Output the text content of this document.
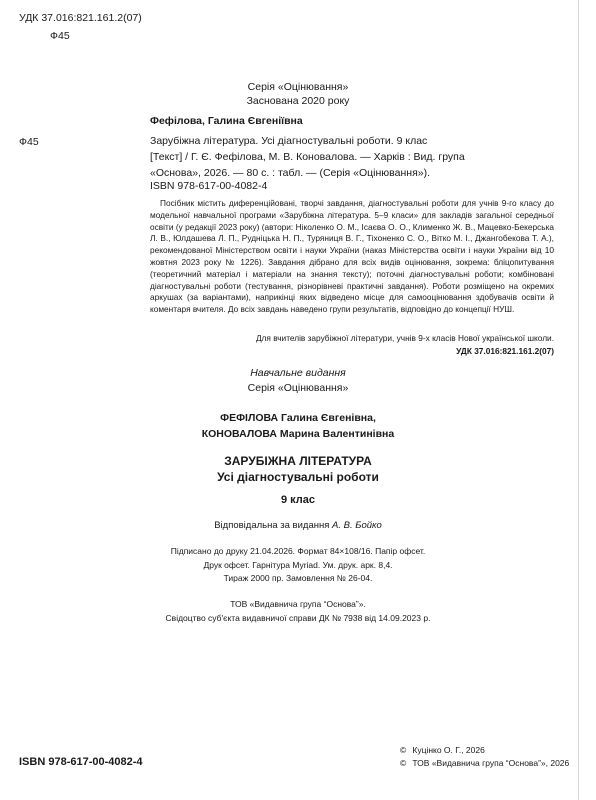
УДК 37.016:821.161.2(07)
Ф45
Серія «Оцінювання»
Заснована 2020 року
Фефілова, Галина Євгеніївна
Ф45	Зарубіжна література. Усі діагностувальні роботи. 9 клас
[Текст] / Г. Є. Фефілова, М. В. Коновалова. — Харків : Вид. група
«Основа», 2026. — 80 с. : табл. — (Серія «Оцінювання»).
ISBN 978-617-00-4082-4

Посібник містить диференційовані, творчі завдання, діагностувальні роботи для учнів 9-го класу до модельної навчальної програми «Зарубіжна література. 5–9 класи» для закладів загальної середньої освіти (у редакції 2023 року) (автори: Ніколенко О. М., Ісаєва О. О., Клименко Ж. В., Мацевко-Бекерська Л. В., Юлдашева Л. П., Рудніцька Н. П., Туряниця В. Г., Тіхоненко С. О., Вітко М. І., Джангобекова Т. А.), рекомендованої Міністерством освіти і науки України (наказ Міністерства освіти і науки України від 10 жовтня 2023 року № 1226). Завдання дібрано для всіх видів оцінювання, зокрема: бліцопитування (теоретичний матеріал і матеріали на знання тексту); поточні діагностувальні роботи; комбіновані діагностувальні роботи (тестування, різнорівневі практичні завдання). Роботи розміщено на окремих аркушах (за варіантами), наприкінці яких відведено місце для самооцінювання здобувачів освіти й коментаря вчителя. До всіх завдань наведено групи результатів, відповідно до концепції НУШ.

Для вчителів зарубіжної літератури, учнів 9-х класів Нової української школи.
УДК 37.016:821.161.2(07)
Навчальне видання
Серія «Оцінювання»
ФЕФІЛОВА Галина Євгенівна,
КОНОВАЛОВА Марина Валентинівна
ЗАРУБІЖНА ЛІТЕРАТУРА
Усі діагностувальні роботи
9 клас
Відповідальна за видання А. В. Бойко
Підписано до друку 21.04.2026. Формат 84×108/16. Папір офсет.
Друк офсет. Гарнітура Myriad. Ум. друк. арк. 8,4.
Тираж 2000 пр. Замовлення № 26-04.
ТОВ «Видавнича група “Основа”».
Свідоцтво суб'єкта видавничої справи ДК № 7938 від 14.09.2023 р.
ISBN 978-617-00-4082-4
© Куцінко О. Г., 2026
© ТОВ «Видавнича група “Основа”», 2026
